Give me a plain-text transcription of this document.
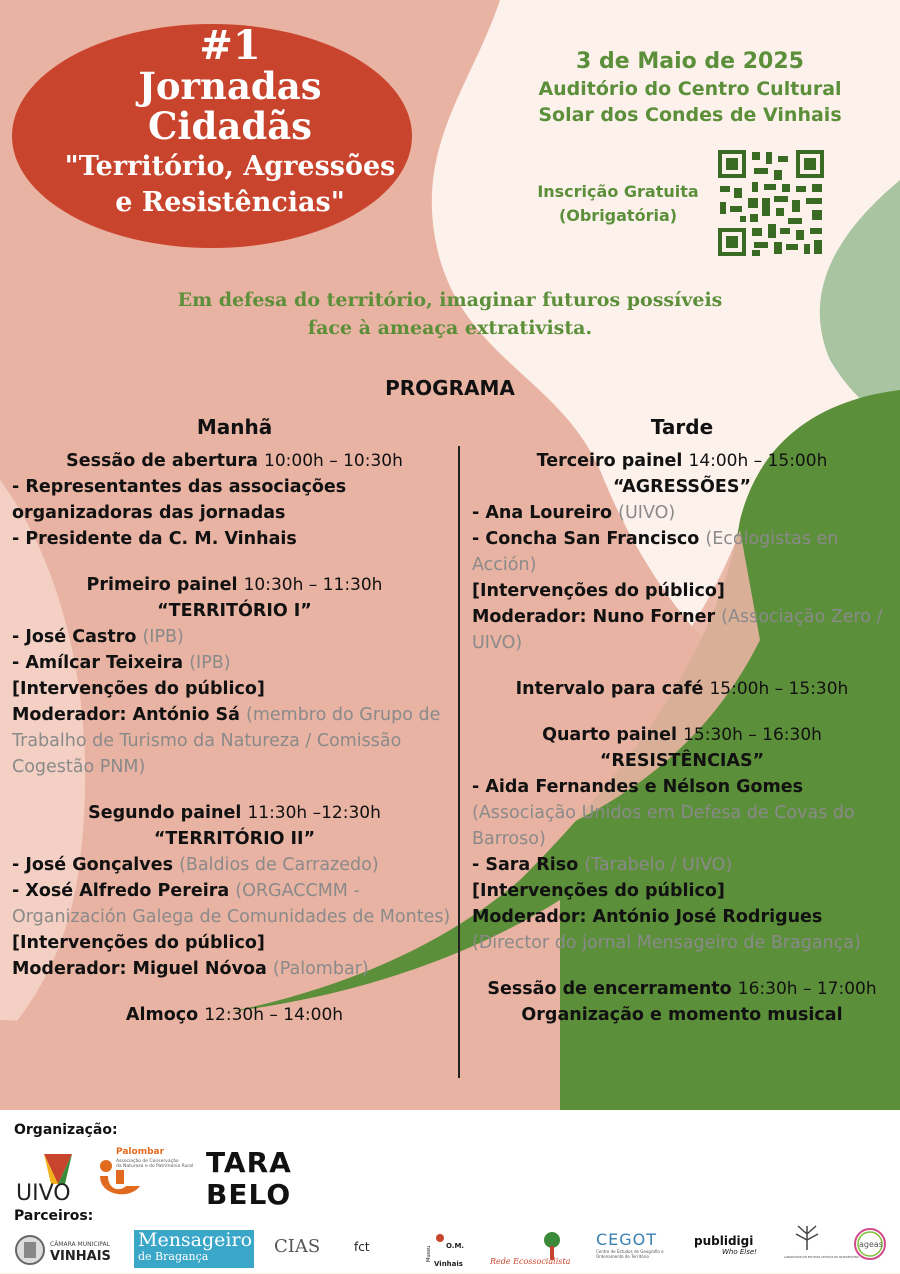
#1
Jornadas
Cidadãs
"Território, Agressões
e Resistências"
3 de Maio de 2025
Auditório do Centro Cultural
Solar dos Condes de Vinhais
Inscrição Gratuita
(Obrigatória)
Em defesa do território, imaginar futuros possíveis
face à ameaça extrativista.
PROGRAMA
Manhã
Sessão de abertura 10:00h – 10:30h
- Representantes das associações organizadoras das jornadas
- Presidente da C. M. Vinhais
Primeiro painel 10:30h – 11:30h
“TERRITÓRIO I”
- José Castro (IPB)
- Amílcar Teixeira (IPB)
[Intervenções do público]
Moderador: António Sá (membro do Grupo de Trabalho de Turismo da Natureza / Comissão Cogestão PNM)
Segundo painel 11:30h –12:30h
“TERRITÓRIO II”
- José Gonçalves (Baldios de Carrazedo)
- Xosé Alfredo Pereira (ORGACCMM - Organización Galega de Comunidades de Montes)
[Intervenções do público]
Moderador: Miguel Nóvoa (Palombar)
Almoço 12:30h – 14:00h
Tarde
Terceiro painel 14:00h – 15:00h
“AGRESSÕES”
- Ana Loureiro (UIVO)
- Concha San Francisco (Ecologistas en Acción)
[Intervenções do público]
Moderador: Nuno Forner (Associação Zero / UIVO)
Intervalo para café 15:00h – 15:30h
Quarto painel 15:30h – 16:30h
“RESISTÊNCIAS”
- Aida Fernandes e Nélson Gomes
(Associação Unidos em Defesa de Covas do Barroso)
- Sara Riso (Tarabelo / UIVO)
[Intervenções do público]
Moderador: António José Rodrigues
(Director do jornal Mensageiro de Bragança)
Sessão de encerramento 16:30h – 17:00h
Organização e momento musical
Organização:
UIVO
Palombar
Associação de Conservação
da Natureza e do Património Rural TARA
BELO
Parceiros:
CÂMARA MUNICIPAL
VINHAIS
Mensageiro
de Bragança	CIAS	fct	Museu O.M.
Vinhais	Rede Ecossocialista
CEGOT
Centro de Estudos de Geografia e Ordenamento do Território
publidigi
Who Else!
LABORATÓRIO DE ESTUDOS CRÍTICOS DE ANTROPOCENO
ageas
